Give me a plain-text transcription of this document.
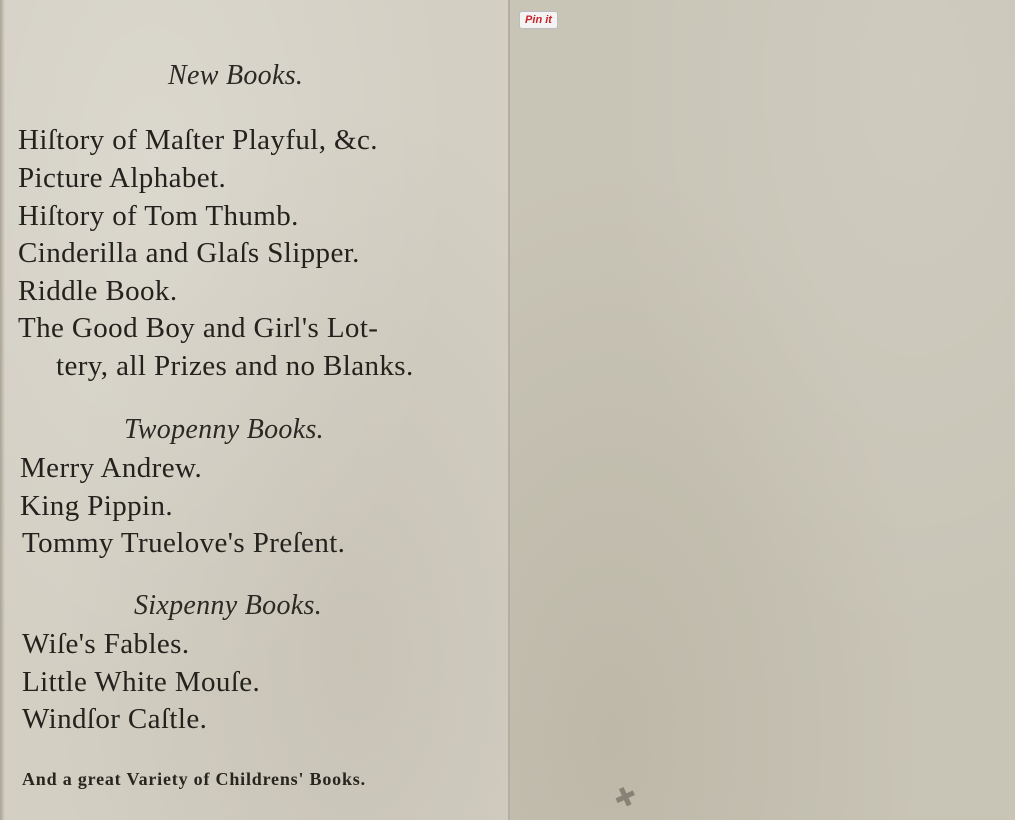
Pin it
New Books.
Hiſtory of Maſter Playful, &c.
Picture Alphabet.
Hiſtory of Tom Thumb.
Cinderilla and Glaſs Slipper.
Riddle Book.
The Good Boy and Girl's Lot-
tery, all Prizes and no Blanks.
Twopenny Books.
Merry Andrew.
King Pippin.
Tommy Truelove's Preſent.
Sixpenny Books.
Wiſe's Fables.
Little White Mouſe.
Windſor Caſtle.
And a great Variety of Childrens' Books.
✚
